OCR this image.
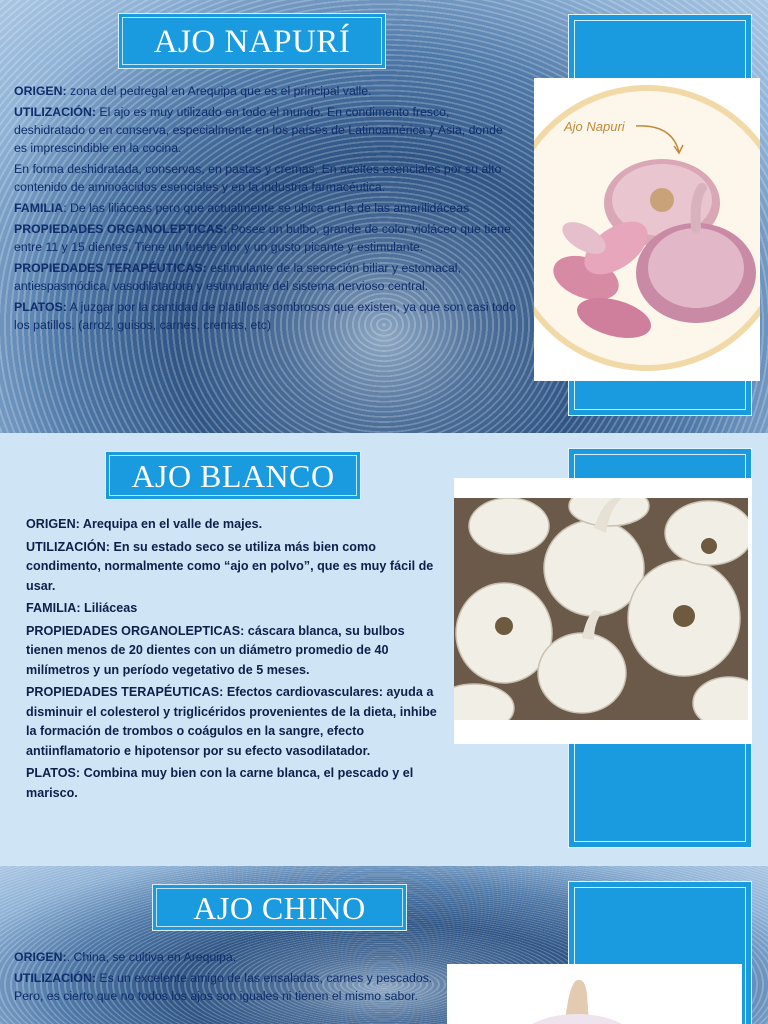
AJO NAPURÍ
Ajo Napuri

ORIGEN: zona del pedregal en Arequipa que es el principal valle.

UTILIZACIÓN: El ajo es muy utilizado en todo el mundo. En condimento fresco, deshidratado o en conserva, especialmente en los países de Latinoamérica y Asia, donde es imprescindible en la cocina.

En forma deshidratada, conservas, en pastas y cremas. En aceites esenciales por su alto contenido de aminoácidos esenciales y en la industria farmacéutica.

FAMILIA: De las liliáceas pero que actualmente se ubica en la de las amarilidáceas

PROPIEDADES ORGANOLEPTICAS: Posee un bulbo, grande de color violáceo que tiene entre 11 y 15 dientes, Tiene un fuerte olor y un gusto picante y estimulante.

PROPIEDADES TERAPÉUTICAS: estimulante de la secreción biliar y estomacal, antiespasmódica, vasodilatadora y estimulante del sistema nervioso central.

PLATOS: A juzgar por la cantidad de platillos asombrosos que existen, ya que son casi todo los patillos. (arroz, guisos, carnes, cremas, etc)

AJO BLANCO

ORIGEN: Arequipa en el valle de majes.

UTILIZACIÓN: En su estado seco se utiliza más bien como condimento, normalmente como “ajo en polvo”, que es muy fácil de usar.

FAMILIA: Liliáceas

PROPIEDADES ORGANOLEPTICAS: cáscara blanca, su bulbos tienen menos de 20 dientes con un diámetro promedio de 40 milímetros y un período vegetativo de 5 meses.

PROPIEDADES TERAPÉUTICAS: Efectos cardiovasculares: ayuda a disminuir el colesterol y triglicéridos provenientes de la dieta, inhibe la formación de trombos o coágulos en la sangre, efecto antiinflamatorio e hipotensor por su efecto vasodilatador.

PLATOS: Combina muy bien con la carne blanca, el pescado y el marisco.

AJO CHINO

ORIGEN:. China, se cultiva en Arequipa.

UTILIZACIÓN: Es un excelente amigo de las ensaladas, carnes y pescados. Pero, es cierto que no todos los ajos son iguales ni tienen el mismo sabor.
